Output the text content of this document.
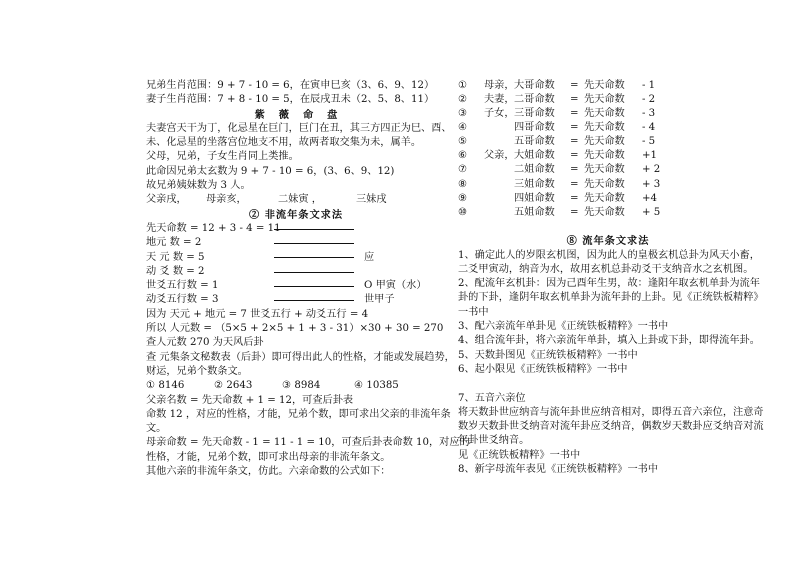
兄弟生肖范围：9 + 7 - 10 = 6，在寅申巳亥（3、6、9、12）
妻子生肖范围：7 + 8 - 10 = 5，在辰戌丑未（2、5、8、11）
紫薇命盘
夫妻宫天干为丁，化忌星在巨门，巨门在丑，其三方四正为巳、酉、
未、化忌星的坐落宫位地支不用，故两者取交集为未，属羊。
父母，兄弟，子女生肖同上类推。
此命因兄弟太玄数为 9 + 7 - 10 = 6，(3、6、9、12)
故兄弟姨妹数为 3 人。
父亲戌，	母亲亥，	二妹寅 ，	三妹戌
② 非流年条文求法
先天命数 = 12 + 3 - 4 = 11
地元 数 = 2
天 元 数 = 5	应
动 爻 数 = 2
世爻五行数 = 1	O 甲寅（水）
动爻五行数 = 3	世甲子
因为 天元 + 地元 = 7 世爻五行 + 动爻五行 = 4
所以 人元数 = （5×5 + 2×5 + 1 + 3 - 31）×30 + 30 = 270
查人元数 270 为天风后卦
查 元集条文秘数表（后卦）即可得出此人的性格，才能或发展趋势，
财运，兄弟个数条文。
① 8146	② 2643	③ 8984	④ 10385
父亲名数 = 先天命数 + 1 = 12，可查后卦表
命数 12 ，对应的性格，才能，兄弟个数，即可求出父亲的非流年条
文。
母亲命数 = 先天命数 - 1 = 11 - 1 = 10，可查后卦表命数 10，对应的
性格，才能，兄弟个数，即可求出母亲的非流年条文。
其他六亲的非流年条文，仿此。六亲命数的公式如下：
①	母亲， 大哥命数	= 先天命数	- 1
②	夫妻， 二哥命数	= 先天命数	- 2
③	子女， 三哥命数	= 先天命数	- 3
④	四哥命数	= 先天命数	- 4
⑤	五哥命数	= 先天命数	- 5
⑥	父亲， 大姐命数	= 先天命数	+1
⑦	二姐命数	= 先天命数	+ 2
⑧	三姐命数	= 先天命数	+ 3
⑨	四姐命数	= 先天命数	+4
⑩	五姐命数	= 先天命数	+ 5
⑧ 流年条文求法
1、确定此人的岁限玄机图，因为此人的皇极玄机总卦为风天小畜，
二爻甲寅动，纳音为水，故用玄机总卦动爻干支纳音水之玄机图。
2、配流年玄机卦：因为己酉年生男，故：逢阳年取玄机单卦为流年
卦的下卦，逢阴年取玄机单卦为流年卦的上卦。见《正统铁板精粹》
一书中
3、配六亲流年单卦见《正统铁板精粹》一书中
4、组合流年卦，将六亲流年单卦，填入上卦或下卦，即得流年卦。
5、天数卦图见《正统铁板精粹》一书中
6、起小限见《正统铁板精粹》一书中
7、五音六亲位
将天数卦世应纳音与流年卦世应纳音相对，即得五音六亲位，注意奇
数岁天数卦世爻纳音对流年卦应爻纳音，偶数岁天数卦应爻纳音对流
年卦世爻纳音。
见《正统铁板精粹》一书中
8、新字母流年表见《正统铁板精粹》一书中
